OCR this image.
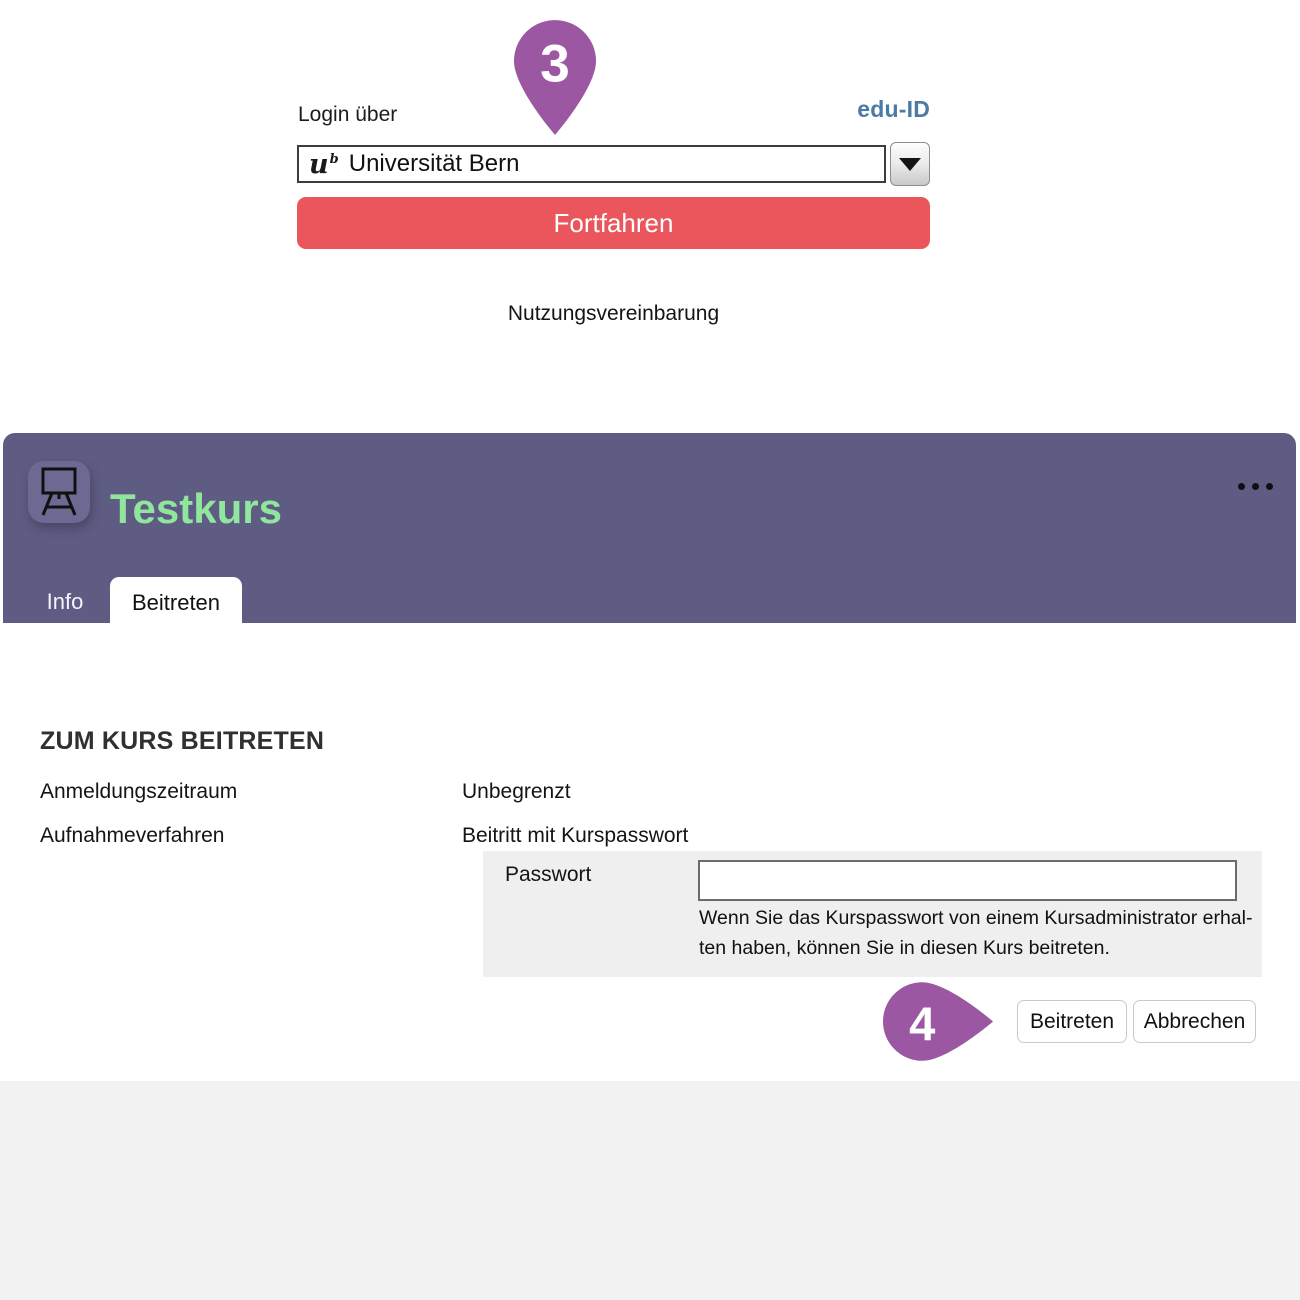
Login über	edu-ID
$u^b$ Universität Bern
Fortfahren
Nutzungsvereinbarung
3
Testkurs
Info Beitreten
ZUM KURS BEITRETEN
Anmeldungszeitraum	Unbegrenzt
Aufnahmeverfahren	Beitritt mit Kurspasswort
Passwort
Wenn Sie das Kurspasswort von einem Kursadministrator erhal-
ten haben, können Sie in diesen Kurs beitreten.
4	Beitreten	Abbrechen
